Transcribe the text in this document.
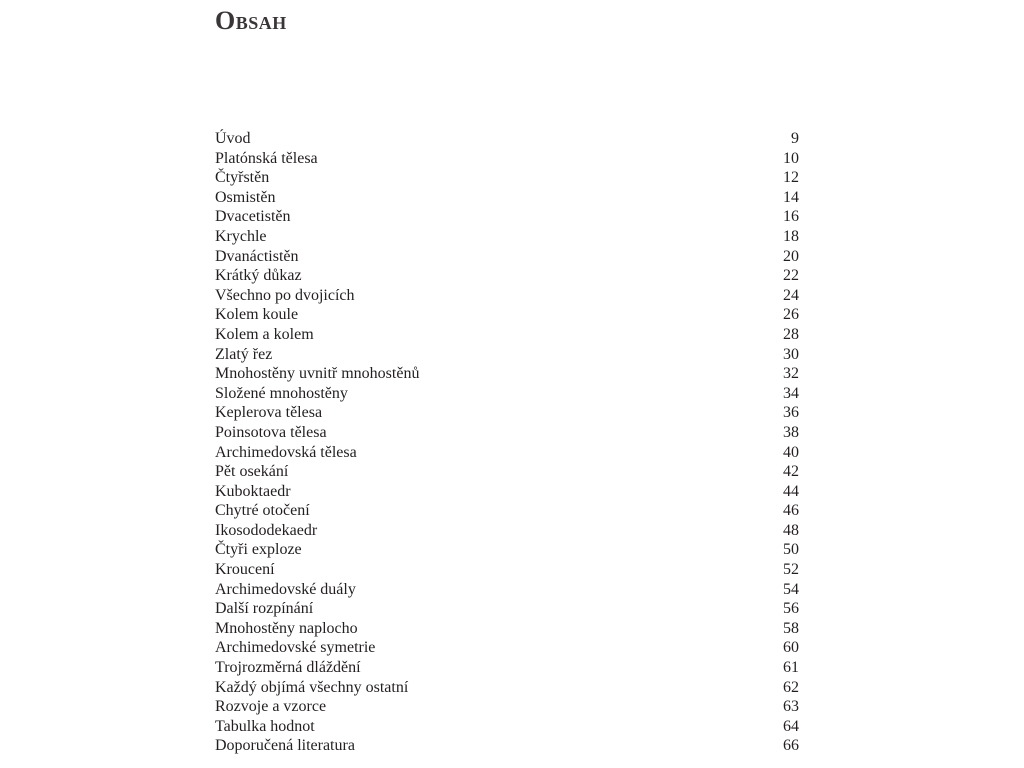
Obsah
Úvod	9
Platónská tělesa	10
Čtyřstěn	12
Osmistěn	14
Dvacetistěn	16
Krychle	18
Dvanáctistěn	20
Krátký důkaz	22
Všechno po dvojicích	24
Kolem koule	26
Kolem a kolem	28
Zlatý řez	30
Mnohostěny uvnitř mnohostěnů	32
Složené mnohostěny	34
Keplerova tělesa	36
Poinsotova tělesa	38
Archimedovská tělesa	40
Pět osekání	42
Kuboktaedr	44
Chytré otočení	46
Ikosododekaedr	48
Čtyři exploze	50
Kroucení	52
Archimedovské duály	54
Další rozpínání	56
Mnohostěny naplocho	58
Archimedovské symetrie	60
Trojrozměrná dláždění	61
Každý objímá všechny ostatní	62
Rozvoje a vzorce	63
Tabulka hodnot	64
Doporučená literatura	66
